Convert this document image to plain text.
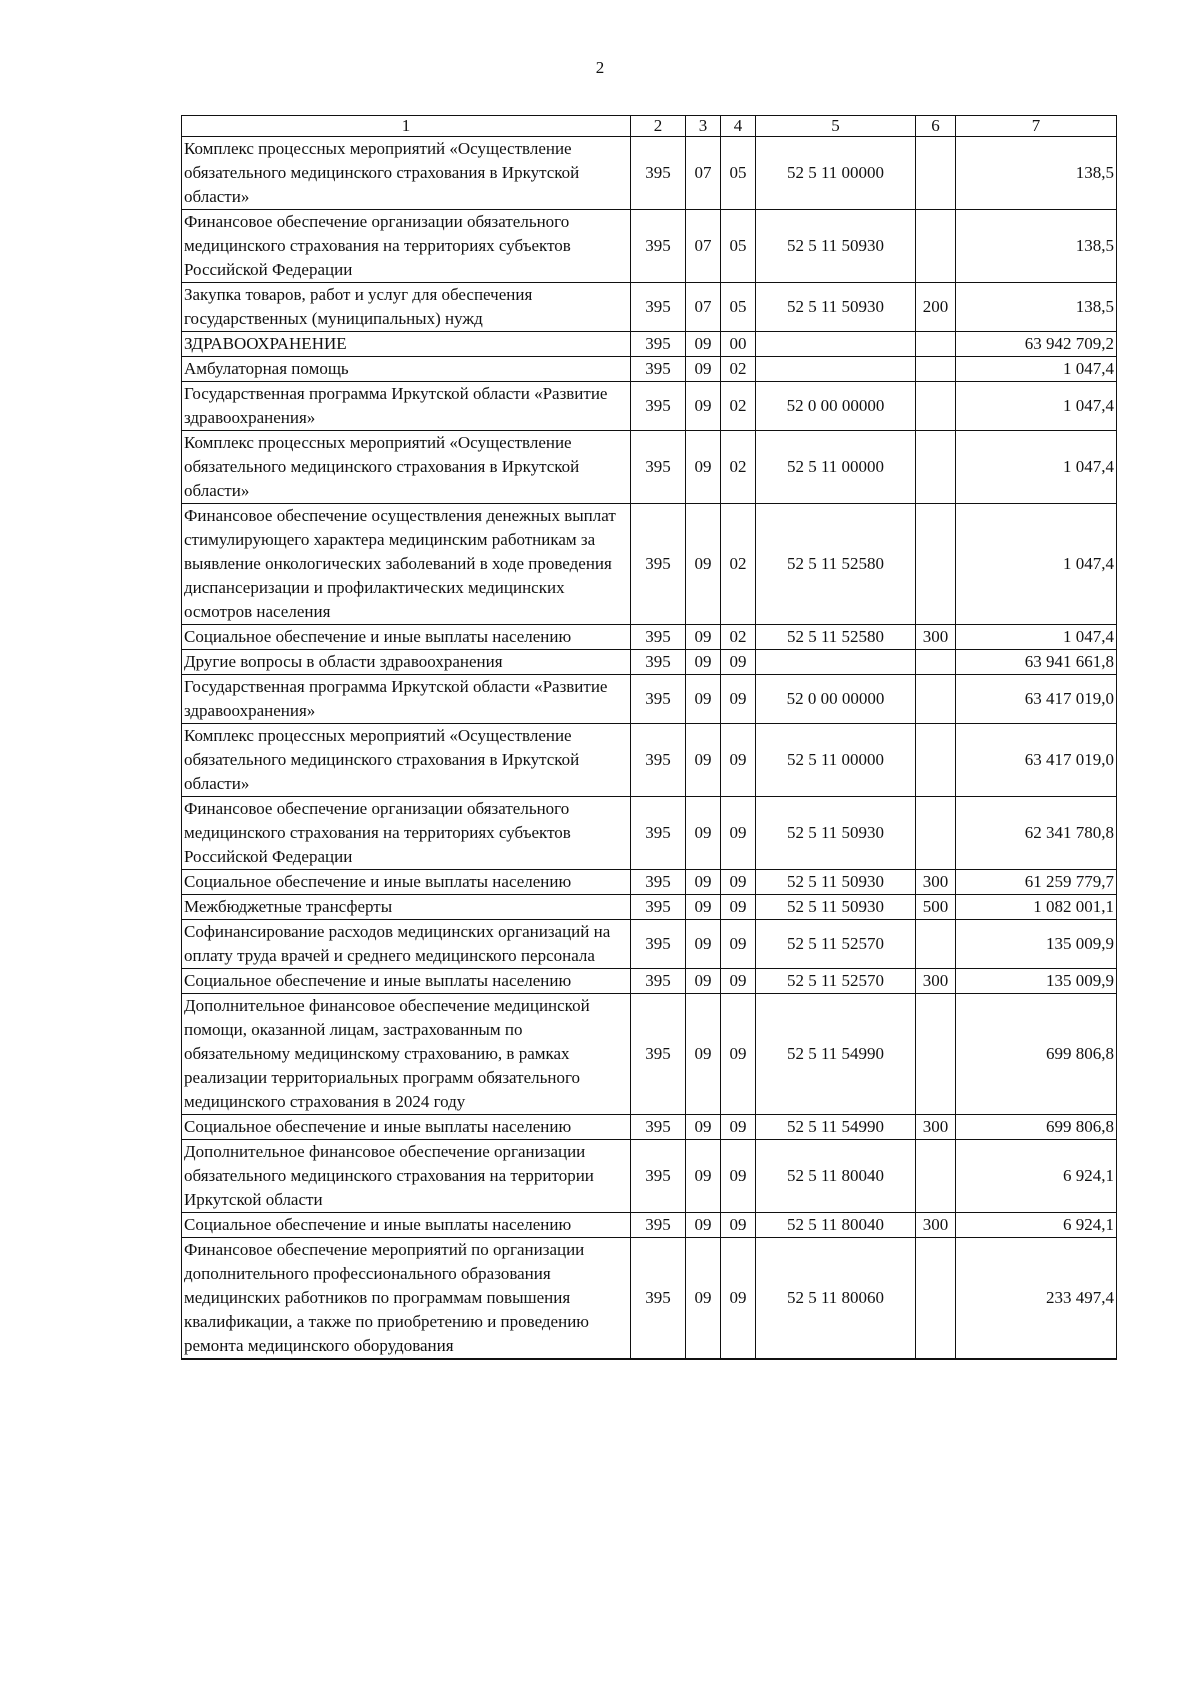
2
1	2	3	4	5	6	7
Комплекс процессных мероприятий «Осуществление обязательного медицинского страхования в Иркутской области»	395	07	05	52 5 11 00000		138,5
Финансовое обеспечение организации обязательного медицинского страхования на территориях субъектов Российской Федерации	395	07	05	52 5 11 50930		138,5
Закупка товаров, работ и услуг для обеспечения государственных (муниципальных) нужд	395	07	05	52 5 11 50930	200	138,5
ЗДРАВООХРАНЕНИЕ	395	09	00			63 942 709,2
Амбулаторная помощь	395	09	02			1 047,4
Государственная программа Иркутской области «Развитие здравоохранения»	395	09	02	52 0 00 00000		1 047,4
Комплекс процессных мероприятий «Осуществление обязательного медицинского страхования в Иркутской области»	395	09	02	52 5 11 00000		1 047,4
Финансовое обеспечение осуществления денежных выплат стимулирующего характера медицинским работникам за выявление онкологических заболеваний в ходе проведения диспансеризации и профилактических медицинских осмотров населения	395	09	02	52 5 11 52580		1 047,4
Социальное обеспечение и иные выплаты населению	395	09	02	52 5 11 52580	300	1 047,4
Другие вопросы в области здравоохранения	395	09	09			63 941 661,8
Государственная программа Иркутской области «Развитие здравоохранения»	395	09	09	52 0 00 00000		63 417 019,0
Комплекс процессных мероприятий «Осуществление обязательного медицинского страхования в Иркутской области»	395	09	09	52 5 11 00000		63 417 019,0
Финансовое обеспечение организации обязательного медицинского страхования на территориях субъектов Российской Федерации	395	09	09	52 5 11 50930		62 341 780,8
Социальное обеспечение и иные выплаты населению	395	09	09	52 5 11 50930	300	61 259 779,7
Межбюджетные трансферты	395	09	09	52 5 11 50930	500	1 082 001,1
Софинансирование расходов медицинских организаций на оплату труда врачей и среднего медицинского персонала	395	09	09	52 5 11 52570		135 009,9
Социальное обеспечение и иные выплаты населению	395	09	09	52 5 11 52570	300	135 009,9
Дополнительное финансовое обеспечение медицинской помощи, оказанной лицам, застрахованным по обязательному медицинскому страхованию, в рамках реализации территориальных программ обязательного медицинского страхования в 2024 году	395	09	09	52 5 11 54990		699 806,8
Социальное обеспечение и иные выплаты населению	395	09	09	52 5 11 54990	300	699 806,8
Дополнительное финансовое обеспечение организации обязательного медицинского страхования на территории Иркутской области	395	09	09	52 5 11 80040		6 924,1
Социальное обеспечение и иные выплаты населению	395	09	09	52 5 11 80040	300	6 924,1
Финансовое обеспечение мероприятий по организации дополнительного профессионального образования медицинских работников по программам повышения квалификации, а также по приобретению и проведению ремонта медицинского оборудования	395	09	09	52 5 11 80060		233 497,4
